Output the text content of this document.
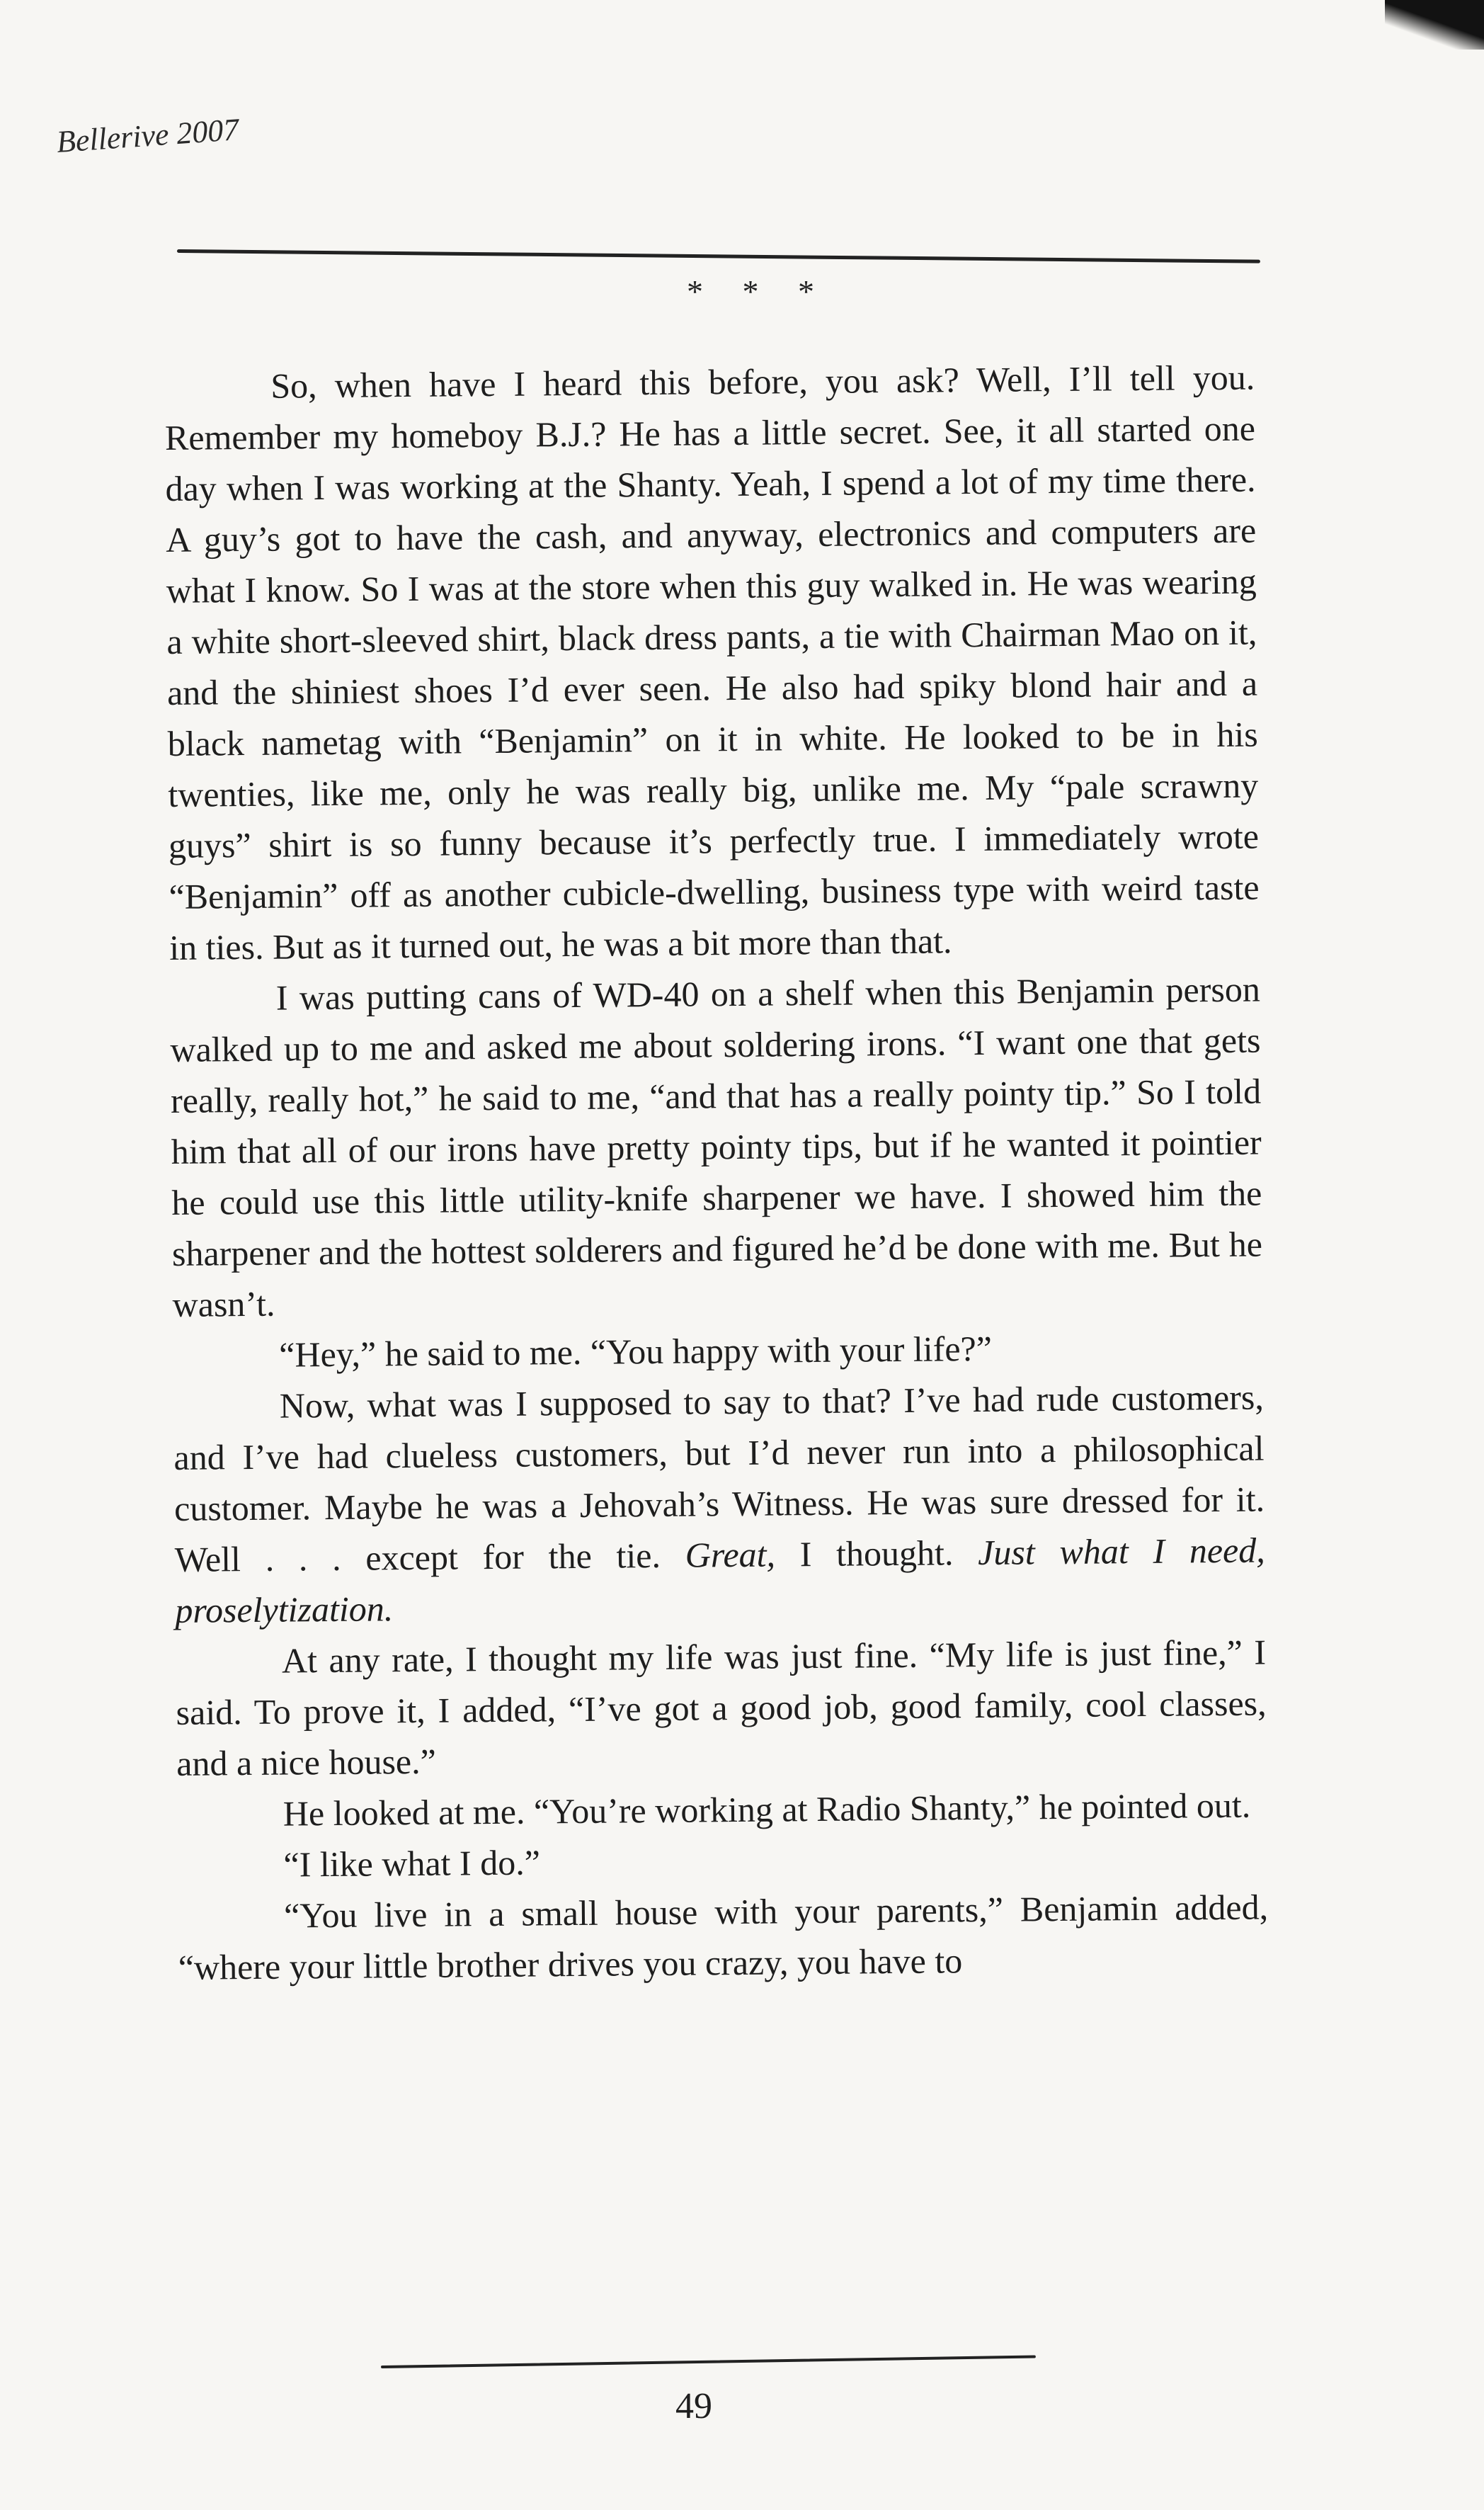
Bellerive 2007

* * *

So, when have I heard this before, you ask? Well, I’ll tell you. Remember my homeboy B.J.? He has a little secret. See, it all started one day when I was working at the Shanty. Yeah, I spend a lot of my time there. A guy’s got to have the cash, and anyway, electronics and computers are what I know. So I was at the store when this guy walked in. He was wearing a white short-sleeved shirt, black dress pants, a tie with Chairman Mao on it, and the shiniest shoes I’d ever seen. He also had spiky blond hair and a black nametag with “Benjamin” on it in white. He looked to be in his twenties, like me, only he was really big, unlike me. My “pale scrawny guys” shirt is so funny because it’s perfectly true. I immediately wrote “Benjamin” off as another cubicle-dwelling, business type with weird taste in ties. But as it turned out, he was a bit more than that.

I was putting cans of WD-40 on a shelf when this Benjamin person walked up to me and asked me about soldering irons. “I want one that gets really, really hot,” he said to me, “and that has a really pointy tip.” So I told him that all of our irons have pretty pointy tips, but if he wanted it pointier he could use this little utility-knife sharpener we have. I showed him the sharpener and the hottest solderers and figured he’d be done with me. But he wasn’t.

“Hey,” he said to me. “You happy with your life?”

Now, what was I supposed to say to that? I’ve had rude customers, and I’ve had clueless customers, but I’d never run into a philosophical customer. Maybe he was a Jehovah’s Witness. He was sure dressed for it. Well . . . except for the tie. Great, I thought. Just what I need, proselytization.

At any rate, I thought my life was just fine. “My life is just fine,” I said. To prove it, I added, “I’ve got a good job, good family, cool classes, and a nice house.”

He looked at me. “You’re working at Radio Shanty,” he pointed out.

“I like what I do.”

“You live in a small house with your parents,” Benjamin added, “where your little brother drives you crazy, you have to

49
